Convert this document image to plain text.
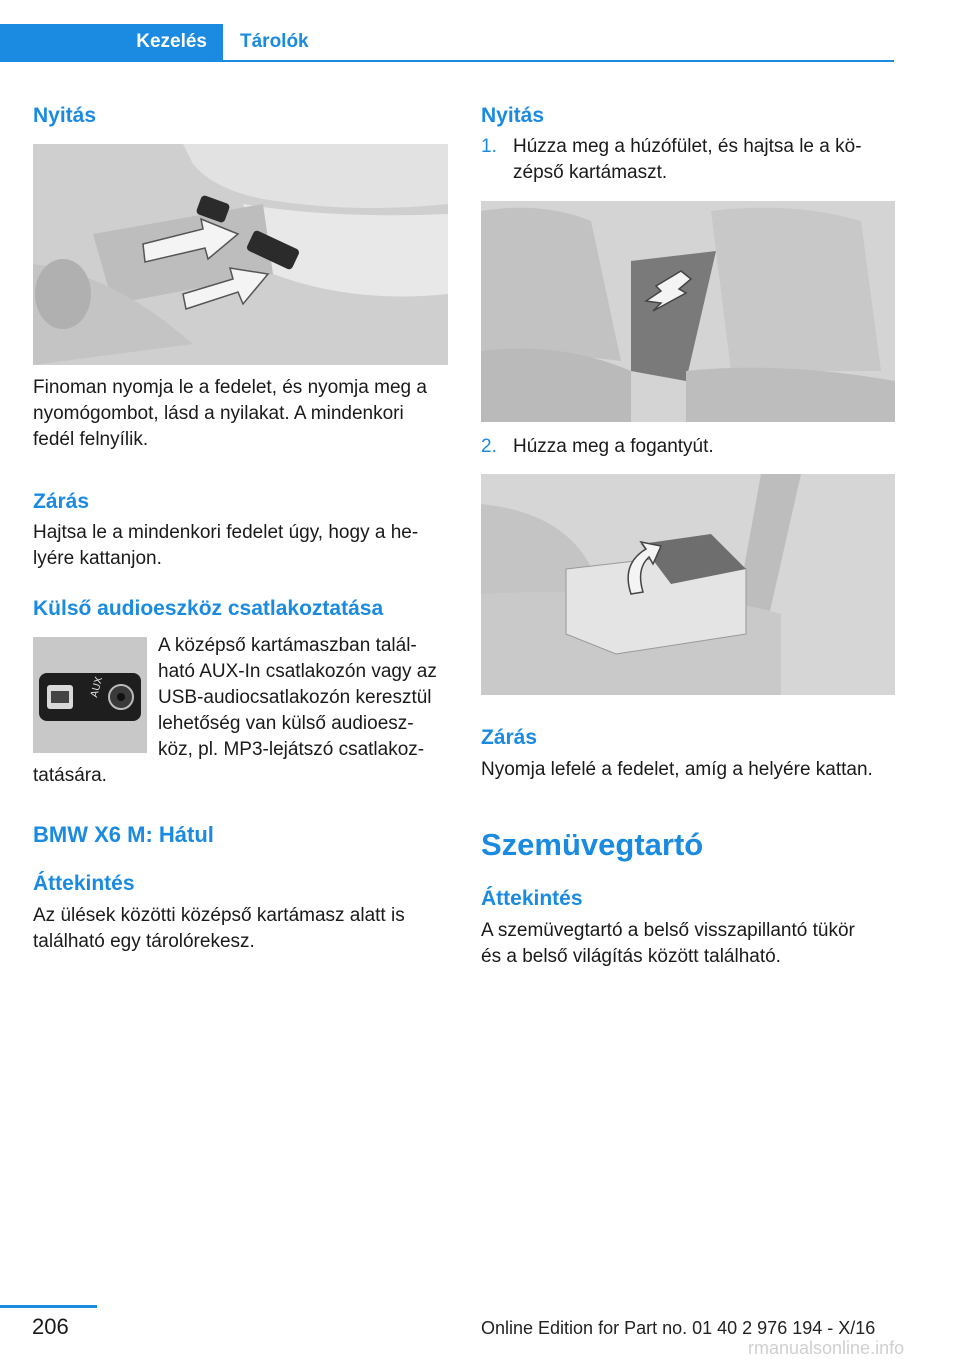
Kezelés	Tárolók
Nyitás
Finoman nyomja le a fedelet, és nyomja meg a
nyomógombot, lásd a nyilakat. A mindenkori
fedél felnyílik.
Zárás
Hajtsa le a mindenkori fedelet úgy, hogy a he‐
lyére kattanjon.
Külső audioeszköz csatlakoztatása
AUX
A középső kartámaszban talál‐
ható AUX-In csatlakozón vagy az
USB-audiocsatlakozón keresztül
lehetőség van külső audioesz‐
köz, pl. MP3-lejátszó csatlakoz‐
tatására.
BMW X6 M: Hátul
Áttekintés
Az ülések közötti középső kartámasz alatt is
található egy tárolórekesz.
Nyitás
1. Húzza meg a húzófület, és hajtsa le a kö‐
zépső kartámaszt.
2. Húzza meg a fogantyút.
Zárás
Nyomja lefelé a fedelet, amíg a helyére kattan.
Szemüvegtartó
Áttekintés
A szemüvegtartó a belső visszapillantó tükör
és a belső világítás között található.
206	Online Edition for Part no. 01 40 2 976 194 - X/16
rmanualsonline.info
